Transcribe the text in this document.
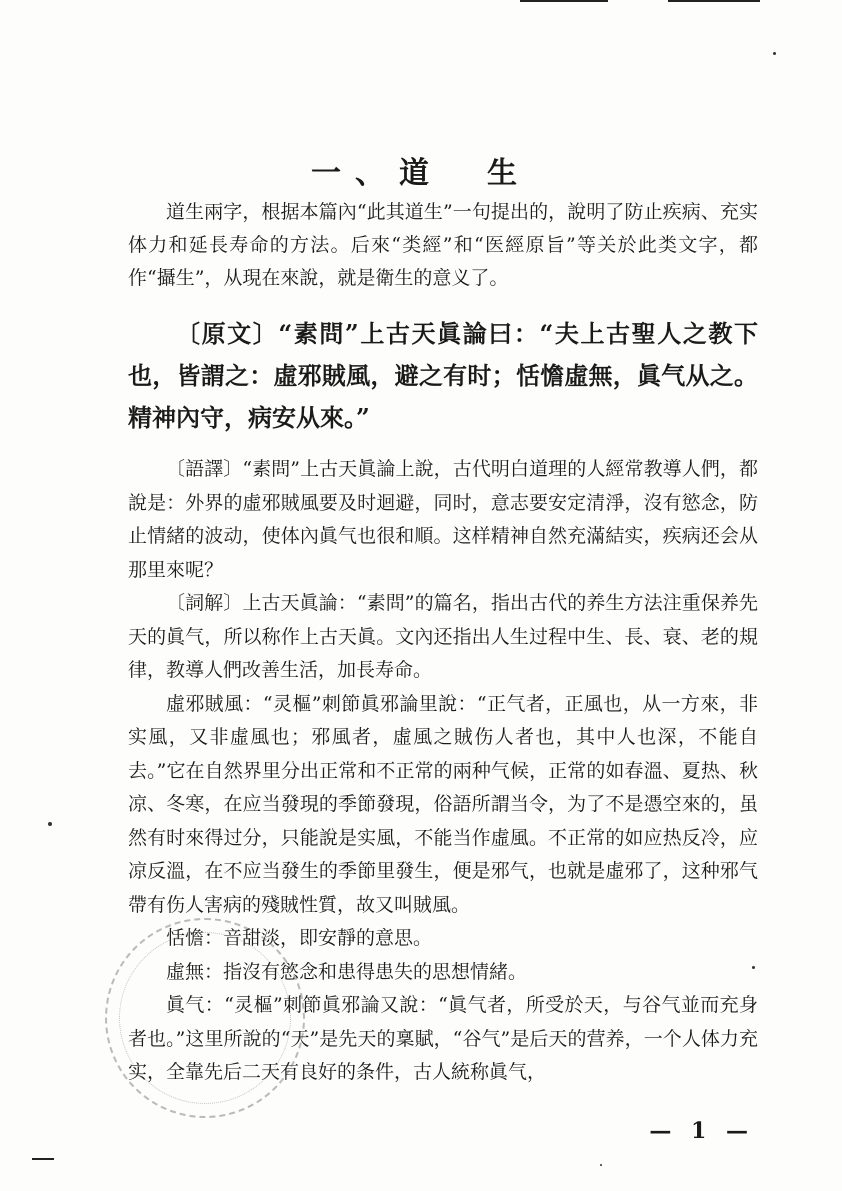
一、道　生

道生兩字，根据本篇內“此其道生”一句提出的，說明了防止疾病、充实体力和延長寿命的方法。后來“类經”和“医經原旨”等关於此类文字，都作“攝生”，从現在來說，就是衛生的意义了。

〔原文〕“素問”上古天眞論曰：“夫上古聖人之教下也，皆謂之：虛邪賊風，避之有时；恬憺虛無，眞气从之。精神內守，病安从來。”

〔語譯〕“素問”上古天眞論上說，古代明白道理的人經常教導人們，都說是：外界的虛邪賊風要及时迴避，同时，意志要安定清淨，沒有慾念，防止情緒的波动，使体內眞气也很和順。这样精神自然充滿結实，疾病还会从那里來呢？

〔詞解〕上古天眞論：“素問”的篇名，指出古代的养生方法注重保养先天的眞气，所以称作上古天眞。文內还指出人生过程中生、長、衰、老的規律，教導人們改善生活，加長寿命。

虛邪賊風：“灵樞”刺節眞邪論里說：“正气者，正風也，从一方來，非实風，又非虛風也；邪風者，虛風之賊伤人者也，其中人也深，不能自去。”它在自然界里分出正常和不正常的兩种气候，正常的如春溫、夏热、秋凉、冬寒，在应当發現的季節發現，俗語所謂当令，为了不是憑空來的，虽然有时來得过分，只能說是实風，不能当作虛風。不正常的如应热反冷，应凉反溫，在不应当發生的季節里發生，便是邪气，也就是虛邪了，这种邪气帶有伤人害病的殘賊性質，故又叫賊風。

恬憺：音甜淡，即安靜的意思。

虛無：指沒有慾念和患得患失的思想情緒。

眞气：“灵樞”刺節眞邪論又說：“眞气者，所受於天，与谷气並而充身者也。”这里所說的“天”是先天的稟賦，“谷气”是后天的营养，一个人体力充实，全靠先后二天有良好的条件，古人統称眞气，

— 1 —
